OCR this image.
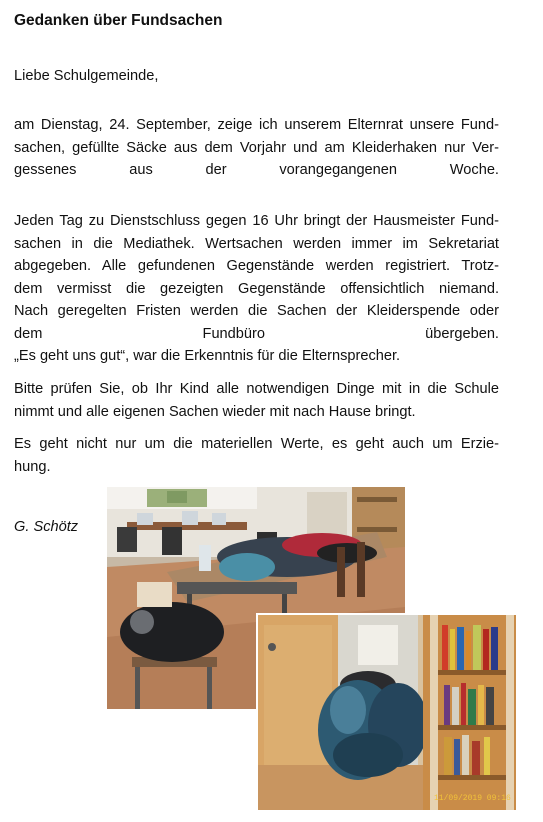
Gedanken über Fundsachen
Liebe Schulgemeinde,
am Dienstag, 24. September, zeige ich unserem Elternrat unsere Fund-
sachen, gefüllte Säcke aus dem Vorjahr und am Kleiderhaken nur Ver-
gessenes aus der vorangegangenen Woche.
Jeden Tag zu Dienstschluss gegen 16 Uhr bringt der Hausmeister Fund-
sachen in die Mediathek. Wertsachen werden immer im Sekretariat
abgegeben. Alle gefundenen Gegenstände werden registriert. Trotz-
dem vermisst die gezeigten Gegenstände offensichtlich niemand.
Nach geregelten Fristen werden die Sachen der Kleiderspende oder
dem Fundbüro übergeben.
„Es geht uns gut“, war die Erkenntnis für die Elternsprecher.
Bitte prüfen Sie, ob Ihr Kind alle notwendigen Dinge mit in die Schule
nimmt und alle eigenen Sachen wieder mit nach Hause bringt.
Es geht nicht nur um die materiellen Werte, es geht auch um Erzie-
hung.
G. Schötz
11/09/2019 09:16
